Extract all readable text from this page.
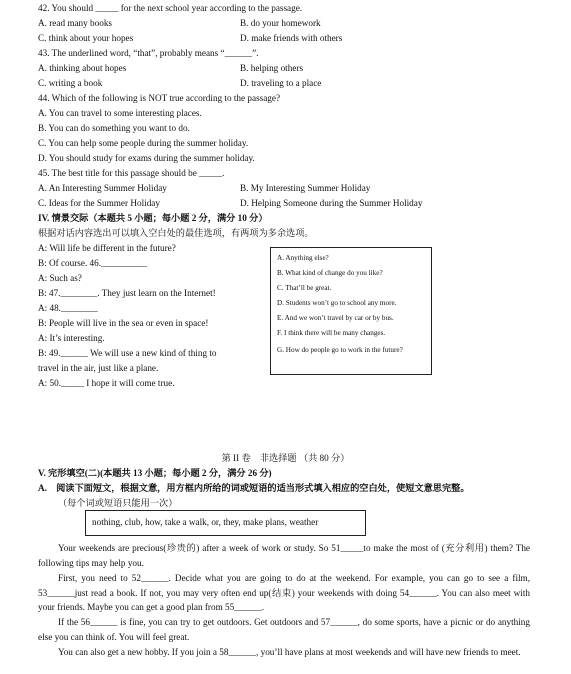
42. You should _____ for the next school year according to the passage.
A. read many books	B. do your homework
C. think about your hopes	D. make friends with others
43. The underlined word, “that”, probably means “______”.
A. thinking about hopes	B. helping others
C. writing a book	D. traveling to a place
44. Which of the following is NOT true according to the passage?
A. You can travel to some interesting places.
B. You can do something you want to do.
C. You can help some people during the summer holiday.
D. You should study for exams during the summer holiday.
45. The best title for this passage should be _____.
A. An Interesting Summer Holiday	B. My Interesting Summer Holiday
C. Ideas for the Summer Holiday	D. Helping Someone during the Summer Holiday
IV. 情景交际（本题共 5 小题；每小题 2 分，满分 10 分）
根据对话内容选出可以填入空白处的最佳选项，有两项为多余选项。
A: Will life be different in the future?
B: Of course. 46.__________
A: Such as?
B: 47.________. They just learn on the Internet!
A: 48.________
B: People will live in the sea or even in space!
A: It’s interesting.
B: 49.______ We will use a new kind of thing to
travel in the air, just like a plane.
A: 50._____ I hope it will come true.
A. Anything else?
B. What kind of change do you like?
C. That’ll be great.
D. Students won’t go to school any more.
E. And we won’t travel by car or by bus.
F. I think there will be many changes.
G. How do people go to work in the future?
第 II 卷　非选择题 （共 80 分）
V. 完形填空(二)(本题共 13 小题；每小题 2 分，满分 26 分)
A.　阅读下面短文，根据文意，用方框内所给的词或短语的适当形式填入相应的空白处，使短文意思完整。
（每个词或短语只能用一次）
nothing, club, how, take a walk, or, they, make plans, weather
Your weekends are precious(珍贵的) after a week of work or study. So 51_____to make the most of (充分利用) them? The following tips may help you.
First, you need to 52______. Decide what you are going to do at the weekend. For example, you can go to see a film, 53______just read a book. If not, you may very often end up(结束) your weekends with doing 54______. You can also meet with your friends. Maybe you can get a good plan from 55______.
If the 56______ is fine, you can try to get outdoors. Get outdoors and 57______, do some sports, have a picnic or do anything else you can think of. You will feel great.
You can also get a new hobby. If you join a 58______, you’ll have plans at most weekends and will have new friends to meet.
